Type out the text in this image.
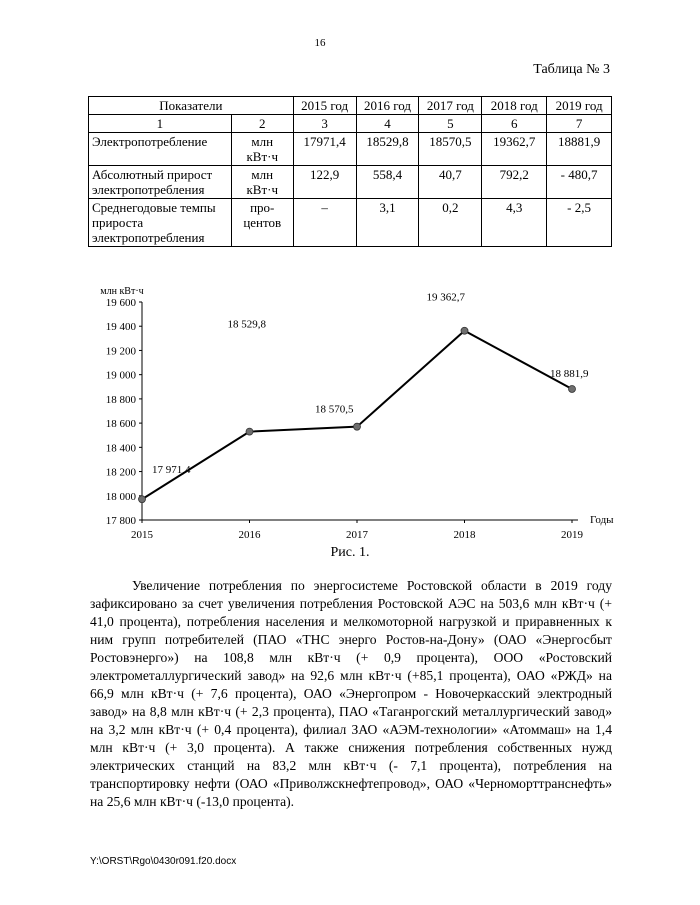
16
Таблица № 3
Показатели		2015 год	2016 год	2017 год	2018 год	2019 год
1	2	3	4	5	6	7
Электропотребление	млн кВт·ч	17971,4	18529,8	18570,5	19362,7	18881,9
Абсолютный прирост электропотребления	млн кВт·ч	122,9	558,4	40,7	792,2	- 480,7
Среднегодовые темпы прироста электропотребления	про-центов	–	3,1	0,2	4,3	- 2,5
17 800
18 000
18 200
18 400
18 600
18 800
19 000
19 200
19 400
19 600
2015	2016	2017	2018	2019
млн кВт·ч
Годы
17 971,4
18 529,8
18 570,5
19 362,7
18 881,9
Рис. 1.

Увеличение потребления по энергосистеме Ростовской области в 2019 году зафиксировано за счет увеличения потребления Ростовской АЭС на 503,6 млн кВт·ч (+ 41,0 процента), потребления населения и мелкомоторной нагрузкой и приравненных к ним групп потребителей (ПАО «ТНС энерго Ростов-на-Дону» (ОАО «Энергосбыт Ростовэнерго») на 108,8 млн кВт·ч (+ 0,9 процента), ООО «Ростовский электрометаллургический завод» на 92,6 млн кВт·ч (+85,1 процента), ОАО «РЖД» на 66,9 млн кВт·ч (+ 7,6 процента), ОАО «Энергопром - Новочеркасский электродный завод» на 8,8 млн кВт·ч (+ 2,3 процента), ПАО «Таганрогский металлургический завод» на 3,2 млн кВт·ч (+ 0,4 процента), филиал ЗАО «АЭМ-технологии» «Атоммаш» на 1,4 млн кВт·ч (+ 3,0 процента). А также снижения потребления собственных нужд электрических станций на 83,2 млн кВт·ч (- 7,1 процента), потребления на транспортировку нефти (ОАО «Приволжскнефтепровод», ОАО «Черноморттранснефть» на 25,6 млн кВт·ч (-13,0 процента).

Y:\ORST\Rgo\0430r091.f20.docx
